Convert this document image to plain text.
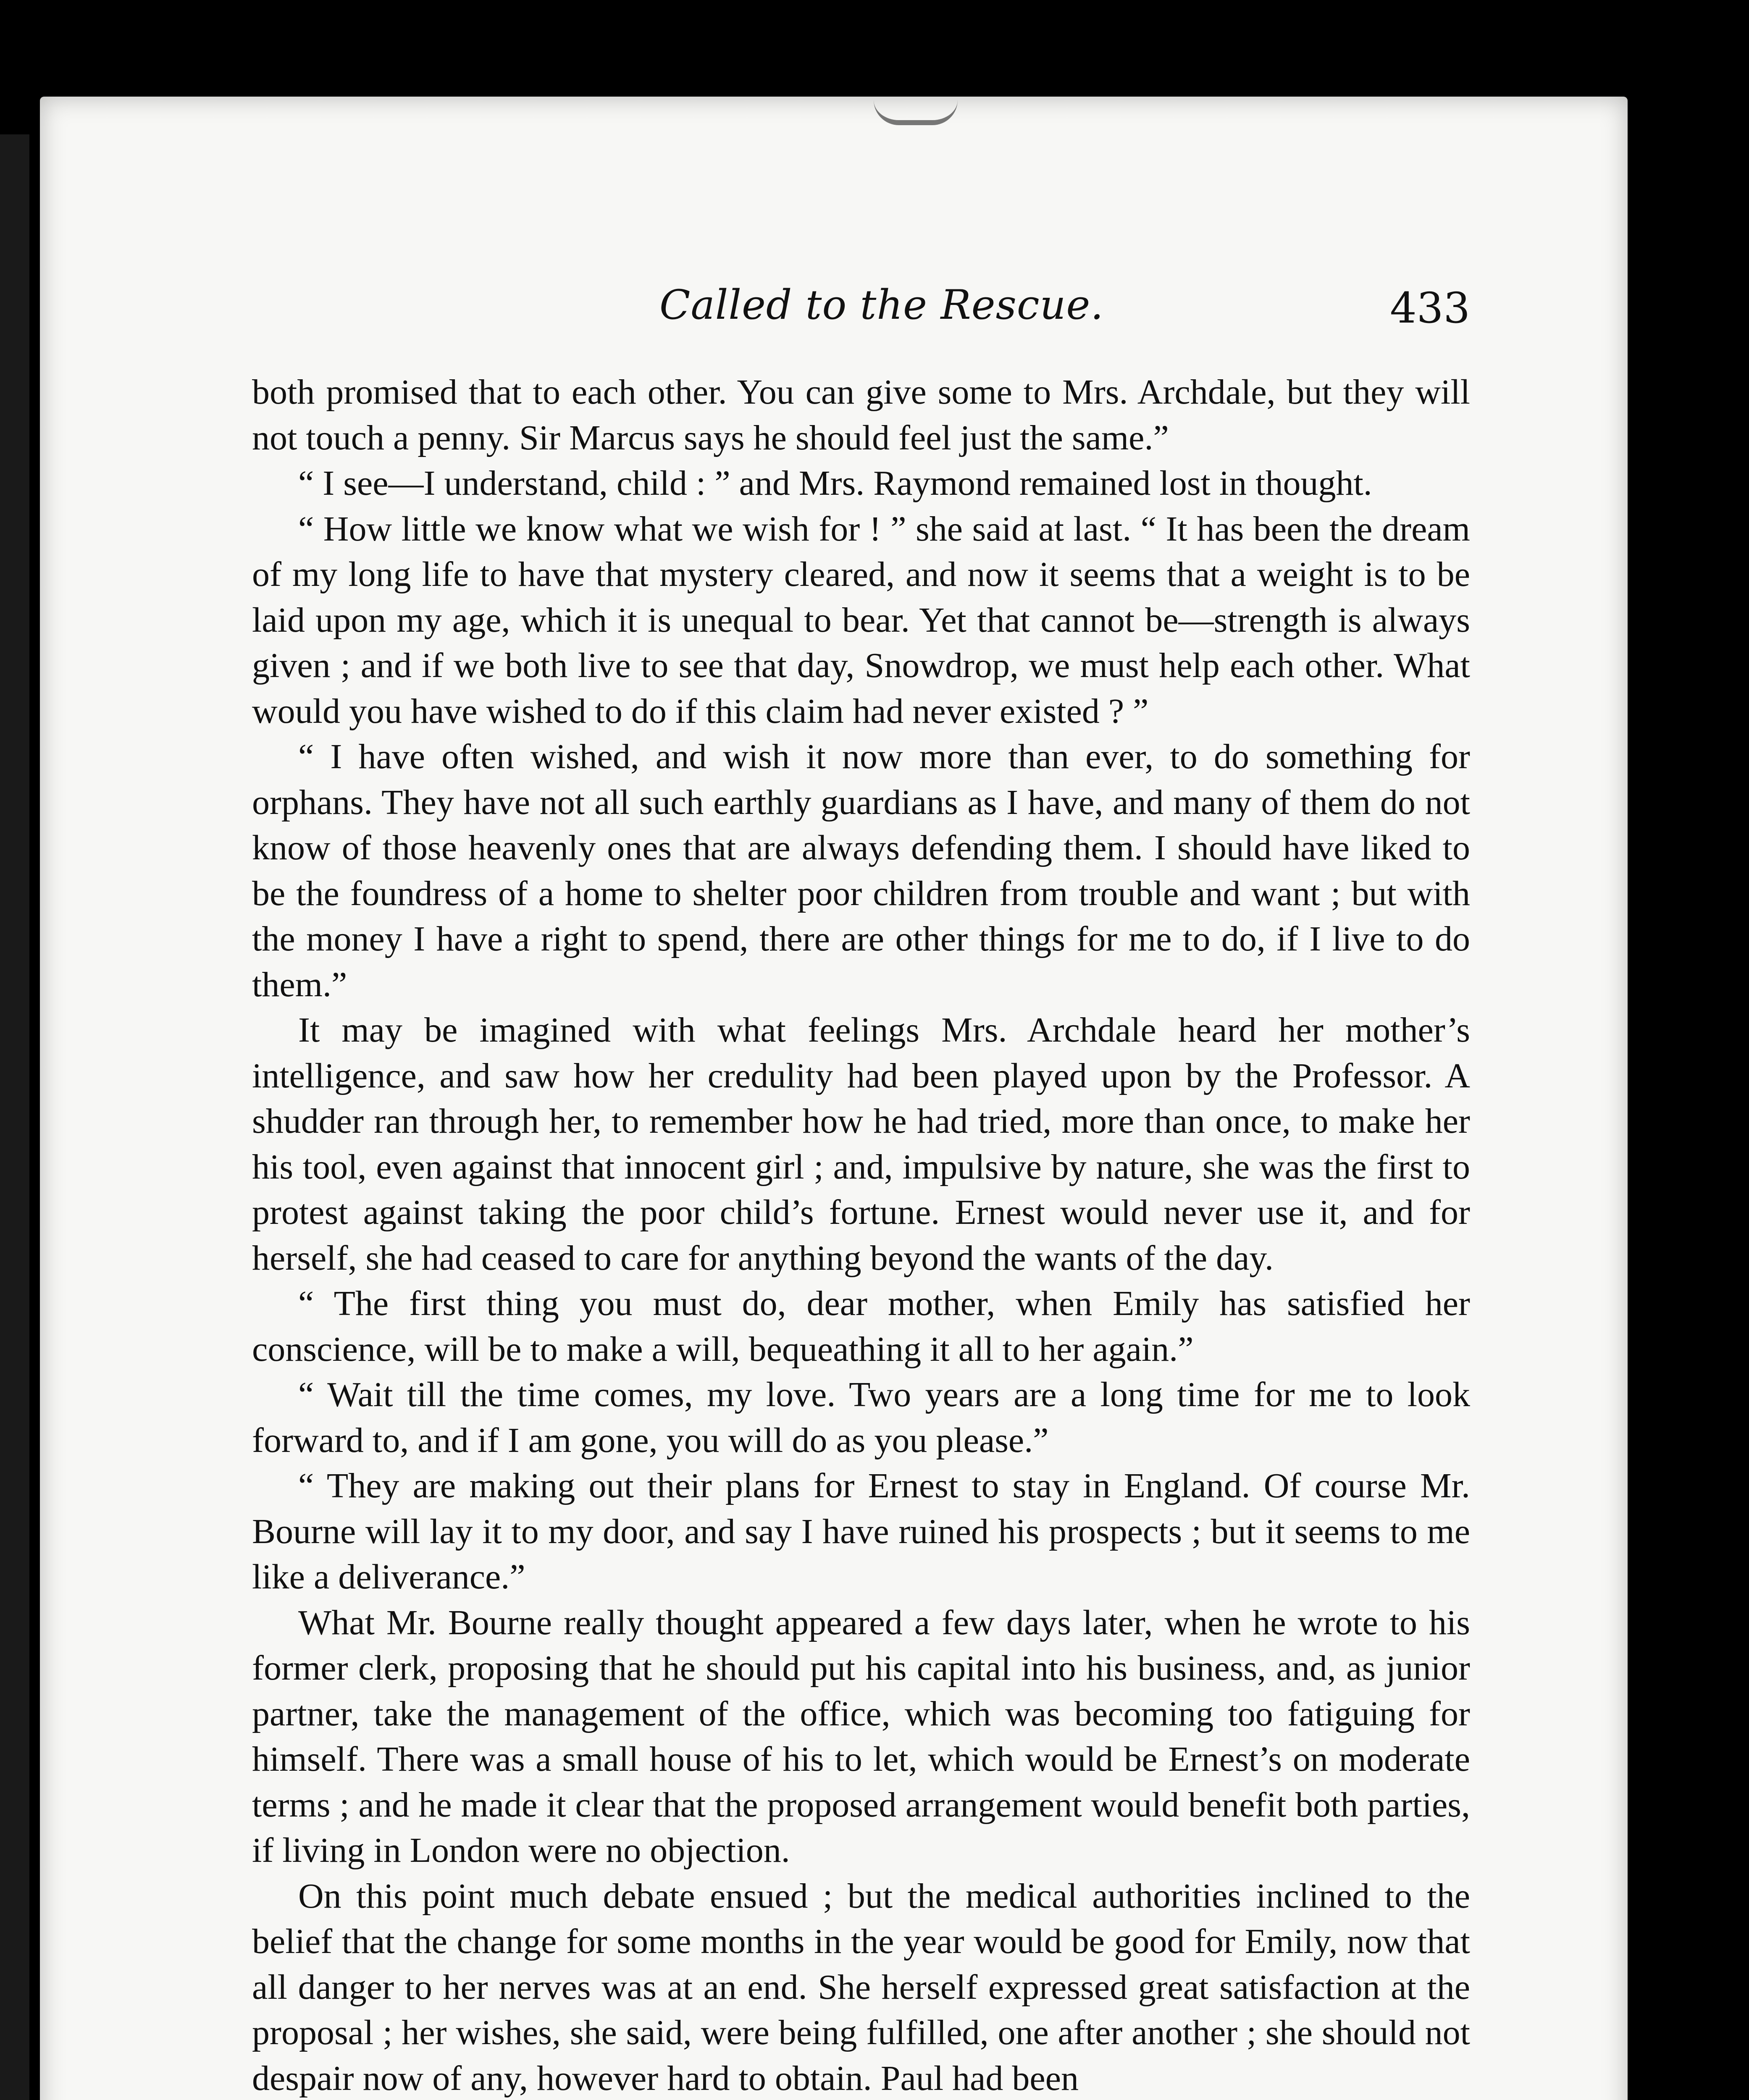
Called to the Rescue.	433

both promised that to each other. You can give some to Mrs. Archdale, but they will not touch a penny. Sir Marcus says he should feel just the same.”

“ I see—I understand, child : ” and Mrs. Raymond remained lost in thought.

“ How little we know what we wish for ! ” she said at last. “ It has been the dream of my long life to have that mystery cleared, and now it seems that a weight is to be laid upon my age, which it is unequal to bear. Yet that cannot be—strength is always given ; and if we both live to see that day, Snowdrop, we must help each other. What would you have wished to do if this claim had never existed ? ”

“ I have often wished, and wish it now more than ever, to do something for orphans. They have not all such earthly guardians as I have, and many of them do not know of those heavenly ones that are always defending them. I should have liked to be the foundress of a home to shelter poor children from trouble and want ; but with the money I have a right to spend, there are other things for me to do, if I live to do them.”

It may be imagined with what feelings Mrs. Archdale heard her mother’s intelligence, and saw how her credulity had been played upon by the Professor. A shudder ran through her, to remember how he had tried, more than once, to make her his tool, even against that innocent girl ; and, impulsive by nature, she was the first to protest against taking the poor child’s fortune. Ernest would never use it, and for herself, she had ceased to care for anything beyond the wants of the day.

“ The first thing you must do, dear mother, when Emily has satisfied her conscience, will be to make a will, bequeathing it all to her again.”

“ Wait till the time comes, my love. Two years are a long time for me to look forward to, and if I am gone, you will do as you please.”

“ They are making out their plans for Ernest to stay in England. Of course Mr. Bourne will lay it to my door, and say I have ruined his prospects ; but it seems to me like a deliverance.”

What Mr. Bourne really thought appeared a few days later, when he wrote to his former clerk, proposing that he should put his capital into his business, and, as junior partner, take the management of the office, which was becoming too fatiguing for himself. There was a small house of his to let, which would be Ernest’s on moderate terms ; and he made it clear that the proposed arrangement would benefit both parties, if living in London were no objection.

On this point much debate ensued ; but the medical authorities inclined to the belief that the change for some months in the year would be good for Emily, now that all danger to her nerves was at an end. She herself expressed great satisfaction at the proposal ; her wishes, she said, were being fulfilled, one after another ; she should not despair now of any, however hard to obtain. Paul had been
